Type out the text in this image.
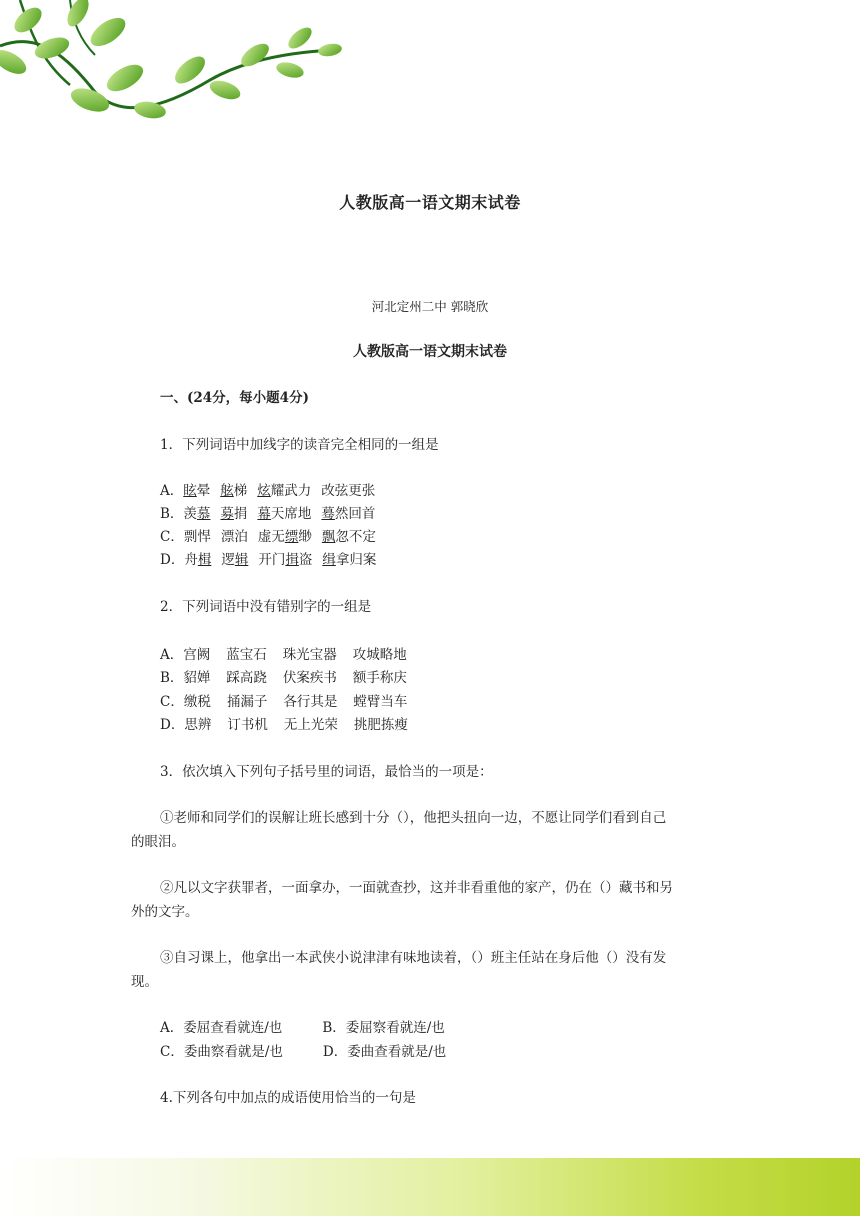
人教版高一语文期末试卷
河北定州二中 郭晓欣
人教版高一语文期末试卷
一、(24分，每小题4分)
1．下列词语中加线字的读音完全相同的一组是
A．眩晕 舷梯 炫耀武力 改弦更张
B．羡慕 募捐 幕天席地 蓦然回首
C．剽悍 漂泊 虚无缥缈 飘忽不定
D．舟楫 逻辑 开门揖盗 缉拿归案
2．下列词语中没有错别字的一组是
A．宫阙 蓝宝石 珠光宝器 攻城略地
B．貂婵 踩高跷 伏案疾书 额手称庆
C．缴税 捅漏子 各行其是 螳臂当车
D．思辨 订书机 无上光荣 挑肥拣瘦
3．依次填入下列句子括号里的词语，最恰当的一项是：
①老师和同学们的误解让班长感到十分（），他把头扭向一边，不愿让同学们看到自己
的眼泪。
②凡以文字获罪者，一面拿办，一面就查抄，这并非看重他的家产，仍在（）藏书和另
外的文字。
③自习课上，他拿出一本武侠小说津津有味地读着，（）班主任站在身后他（）没有发
现。
A．委屈查看就连/也	B．委屈察看就连/也
C．委曲察看就是/也	D．委曲查看就是/也
4.下列各句中加点的成语使用恰当的一句是
